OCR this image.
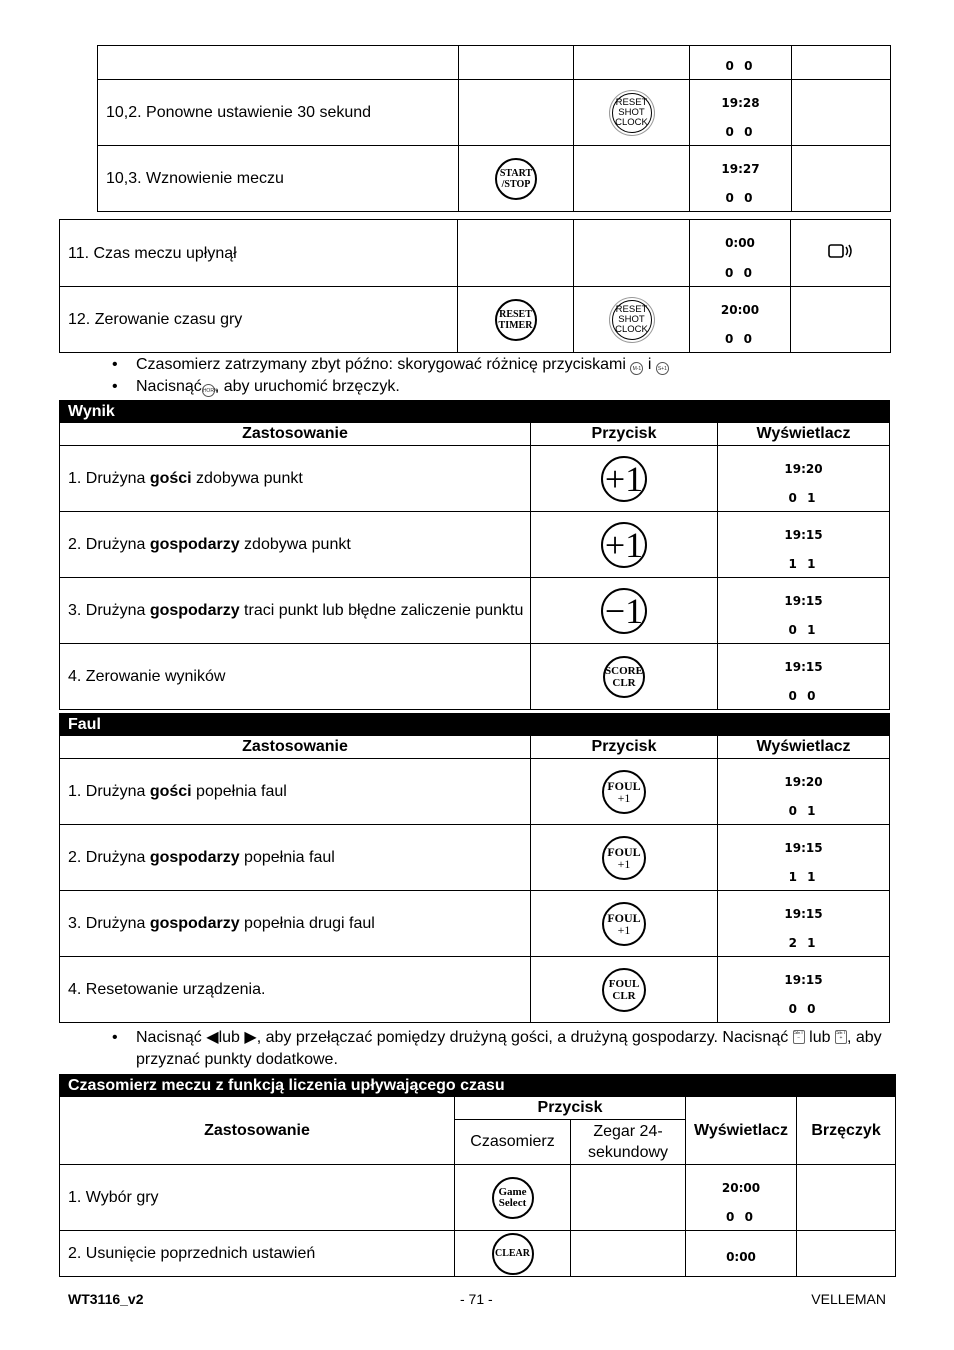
			0 0	

10,2. Ponowne ustawienie 30 sekund		RESET
SHOT
CLOCK	19:28
0 0	

10,3. Wznowienie meczu	START
/STOP		19:27
0 0	

11. Czas meczu upłynął			0:00
0 0

12. Zerowanie czasu gry	RESET
TIMER	RESET
SHOT
CLOCK	20:00
0 0	

• Czasomierz zatrzymany zbyt późno: skorygować różnicę przyciskami M-1 i S+1
• NacisnąćHORN, aby uruchomić brzęczyk.
Wynik		
Zastosowanie	Przycisk	Wyświetlacz
1. Drużyna gości zdobywa punkt	+1	19:20
0 1

2. Drużyna gospodarzy zdobywa punkt	+1	19:15
1 1

3. Drużyna gospodarzy traci punkt lub błędne zaliczenie punktu	−1	19:15
0 1

4. Zerowanie wyników	SCORE
CLR	19:15
0 0
Faul		
Zastosowanie	Przycisk	Wyświetlacz
1. Drużyna gości popełnia faul	FOUL
+1	19:20
0 1

2. Drużyna gospodarzy popełnia faul	FOUL
+1	19:15
1 1

3. Drużyna gospodarzy popełnia drugi faul	FOUL
+1	19:15
2 1

4. Resetowanie urządzenia.	FOUL
CLR	19:15
0 0
• Nacisnąć ◀lub ▶, aby przełączać pomiędzy drużyną gości, a drużyną gospodarzy. Nacisnąć SET − lub SET + , aby
przyznać punkty dodatkowe.
Czasomierz meczu z funkcją liczenia upływającego czasu				
Zastosowanie	Przycisk		Wyświetlacz	Brzęczyk
	Czasomierz	Zegar 24-sekundowy		
1. Wybór gry	Game
Select		20:00
0 0	

2. Usunięcie poprzednich ustawień	CLEAR		0:00	

WT3116_v2	- 71 -	VELLEMAN
